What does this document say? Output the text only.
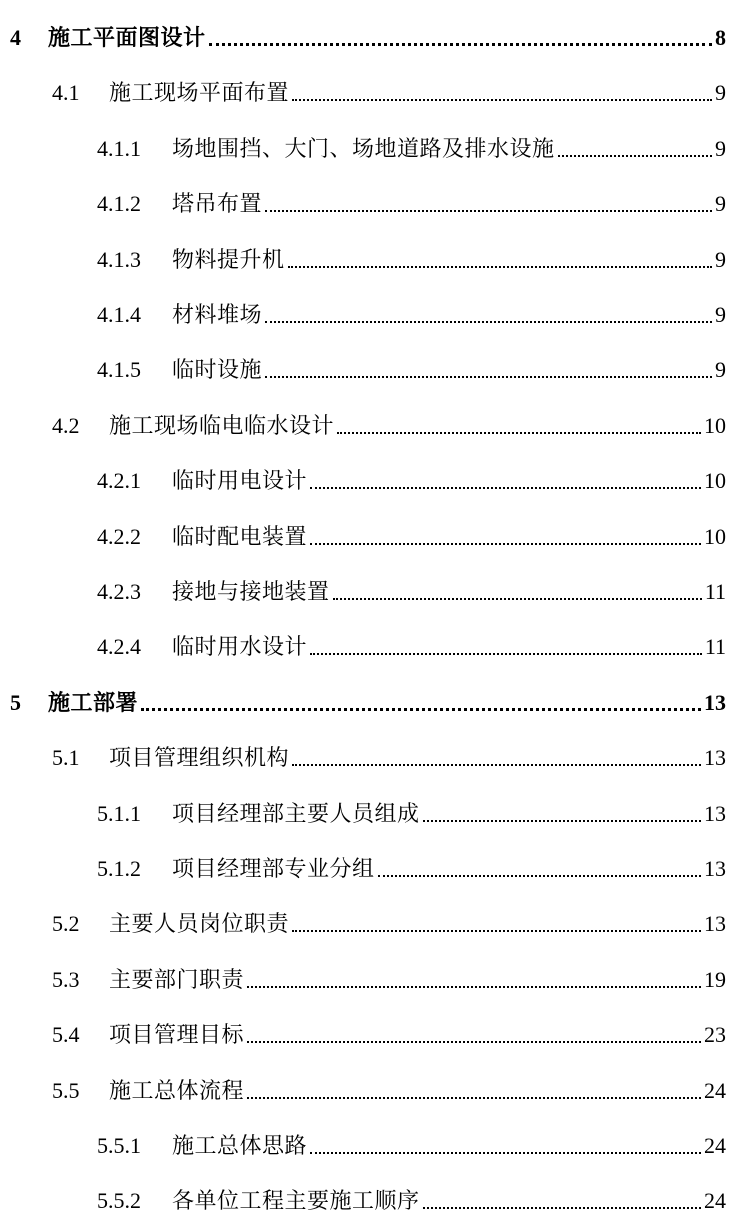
4	施工平面图设计	8
4.1	施工现场平面布置	9
4.1.1	场地围挡、大门、场地道路及排水设施	9
4.1.2	塔吊布置	9
4.1.3	物料提升机	9
4.1.4	材料堆场	9
4.1.5	临时设施	9
4.2	施工现场临电临水设计	10
4.2.1	临时用电设计	10
4.2.2	临时配电装置	10
4.2.3	接地与接地装置	11
4.2.4	临时用水设计	11
5	施工部署	13
5.1	项目管理组织机构	13
5.1.1	项目经理部主要人员组成	13
5.1.2	项目经理部专业分组	13
5.2	主要人员岗位职责	13
5.3	主要部门职责	19
5.4	项目管理目标	23
5.5	施工总体流程	24
5.5.1	施工总体思路	24
5.5.2	各单位工程主要施工顺序	24
